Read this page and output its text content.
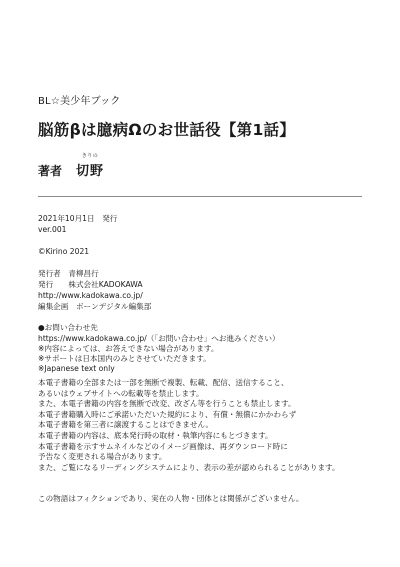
BL☆美少年ブック
脳筋βは臆病Ωのお世話役【第1話】
著者
きりの
切野
2021年10月1日　発行
ver.001
©Kirino 2021
発行者　青柳昌行
発行　　株式会社KADOKAWA
http://www.kadokawa.co.jp/
編集企画　ボーンデジタル編集部
●お問い合わせ先
https://www.kadokawa.co.jp/（「お問い合わせ」へお進みください）
※内容によっては、お答えできない場合があります。
※サポートは日本国内のみとさせていただきます。
※Japanese text only
本電子書籍の全部または一部を無断で複製、転載、配信、送信すること、
あるいはウェブサイトへの転載等を禁止します。
また、本電子書籍の内容を無断で改変、改ざん等を行うことも禁止します。
本電子書籍購入時にご承諾いただいた規約により、有償・無償にかかわらず
本電子書籍を第三者に譲渡することはできません。
本電子書籍の内容は、底本発行時の取材・執筆内容にもとづきます。
本電子書籍を示すサムネイルなどのイメージ画像は、再ダウンロード時に
予告なく変更される場合があります。
また、ご覧になるリーディングシステムにより、表示の差が認められることがあります。
この物語はフィクションであり、実在の人物・団体とは関係がございません。
